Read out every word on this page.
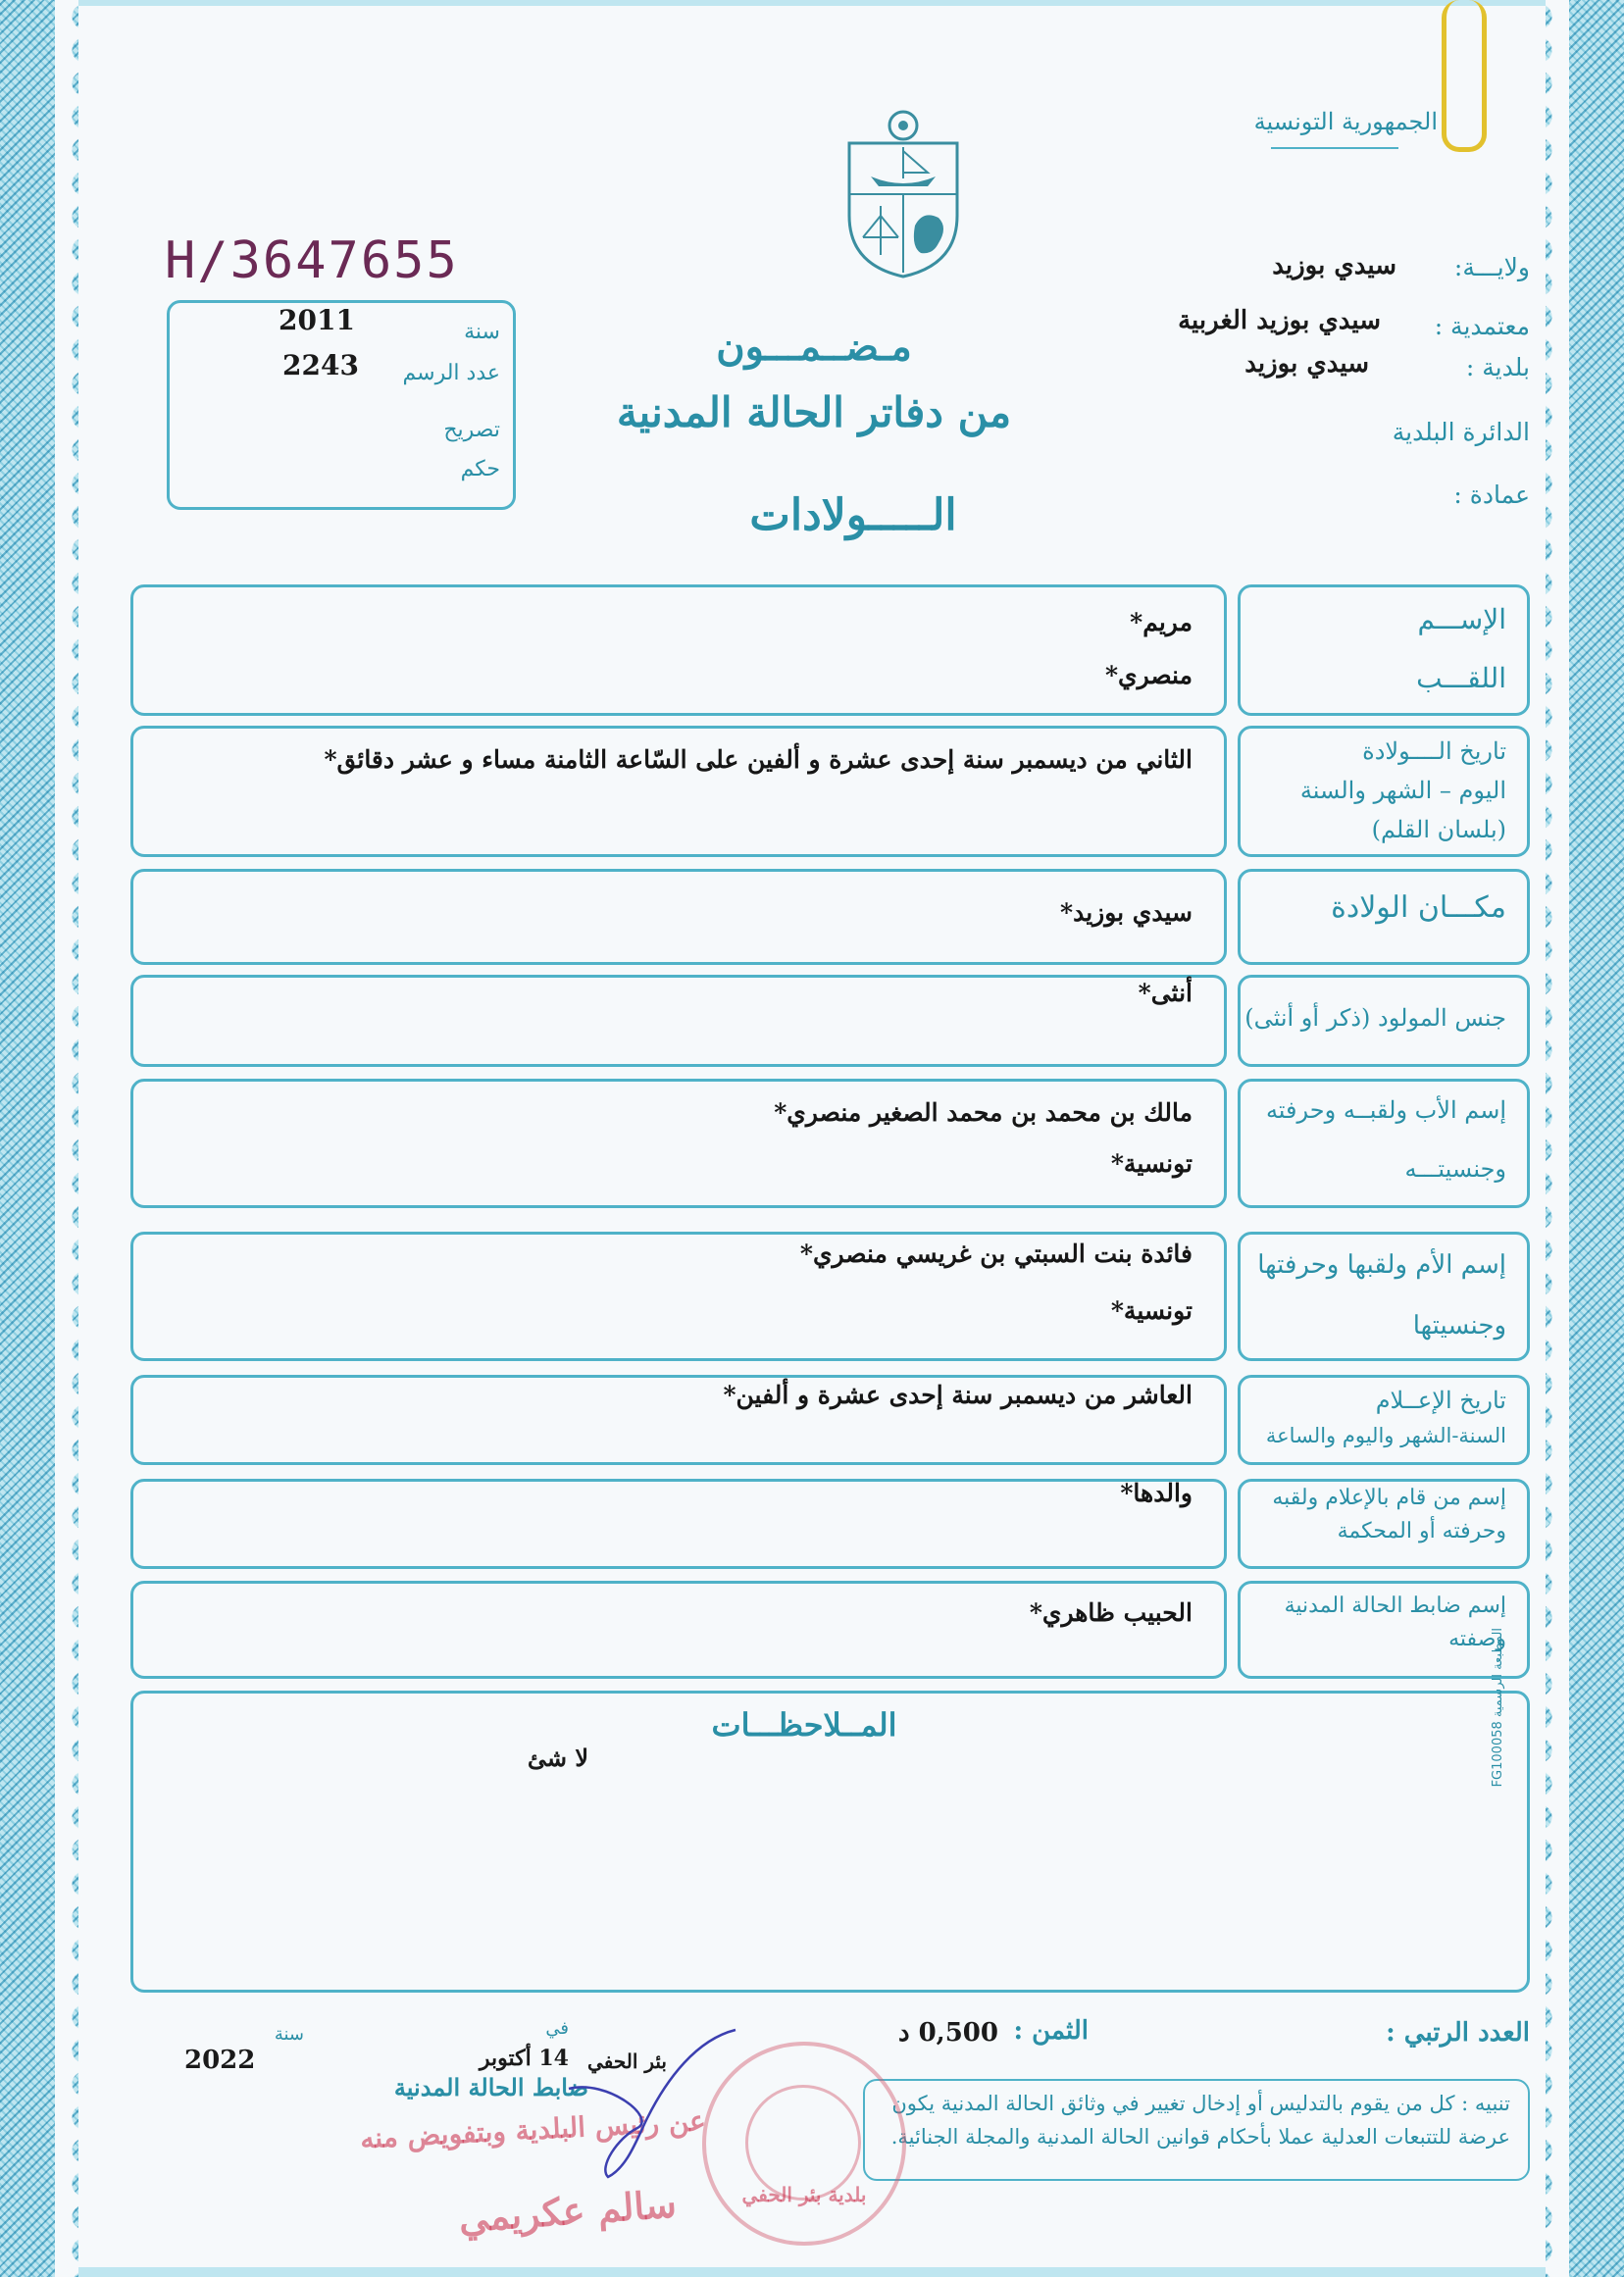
الجمهورية التونسية
ولايـــة:
سيدي بوزيد
معتمدية :
سيدي بوزيد الغربية
بلدية :
سيدي بوزيد
الدائرة البلدية
عمادة :
H/3647655
سنة
2011
عدد الرسم
2243
تصريح
حكم
مـضــمـــون
من دفاتر الحالة المدنية
الـــــولادات
الإســـم
اللقـــب
مريم*
منصري*
تاريخ الــــولادة
اليوم – الشهر والسنة
(بلسان القلم)
الثاني من ديسمبر سنة إحدى عشرة و ألفين على السّاعة الثامنة مساء و عشر دقائق*
مكـــان الولادة
سيدي بوزيد*
جنس المولود (ذكر أو أنثى)
أنثى*
إسم الأب ولقبــه وحرفته
وجنسيتـــه
مالك بن محمد بن محمد الصغير منصري*
تونسية*
إسم الأم ولقبها وحرفتها
وجنسيتها
فائدة بنت السبتي بن غريسي منصري*
تونسية*
تاريخ الإعــلام
السنة-الشهر واليوم والساعة
العاشر من ديسمبر سنة إحدى عشرة و ألفين*
إسم من قام بالإعلام ولقبه
وحرفته أو المحكمة
والدها*
إسم ضابط الحالة المدنية
وصفته
الحبيب ظاهري*
المــلاحظـــات
لا شئ	المطبعة الرسمية FG100058
العدد الرتبي :
الثمن :
0,500 د
في
بئر الحفي
14 أكتوبر
سنة
2022
تنبيه : كل من يقوم بالتدليس أو إدخال تغيير في وثائق الحالة المدنية يكون عرضة للتتبعات العدلية عملا بأحكام قوانين الحالة المدنية والمجلة الجنائية.
بلدية بئر الحفي
ضابط الحالة المدنية
عن رئيس البلدية وبتفويض منه
سالم عكريمي
